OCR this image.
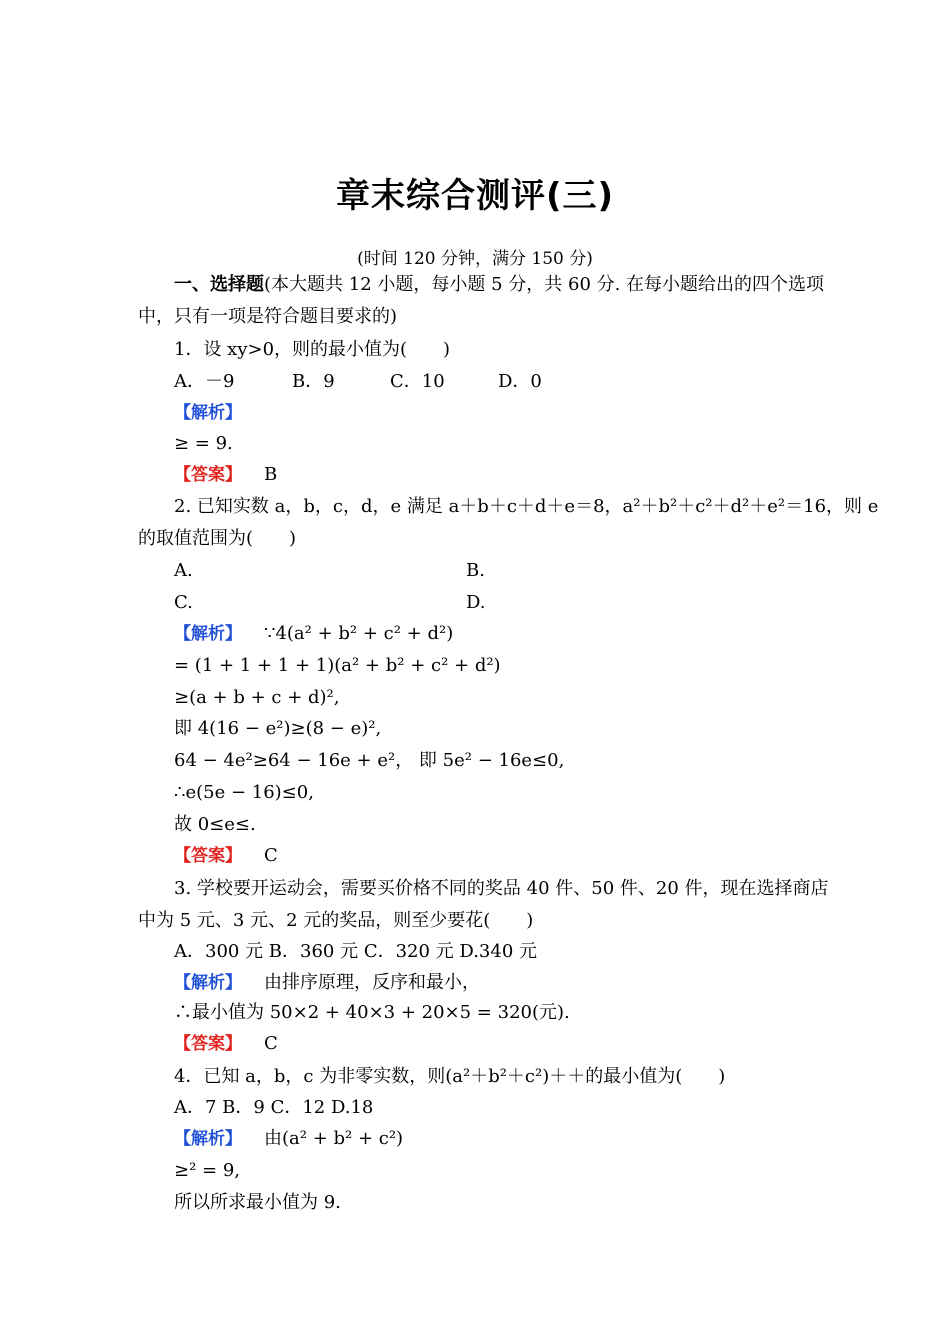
章末综合测评(三)
(时间 120 分钟，满分 150 分)
一、选择题(本大题共 12 小题，每小题 5 分，共 60 分. 在每小题给出的四个选项
中，只有一项是符合题目要求的)
1．设 xy>0，则的最小值为(　　)
A．－9	B．9	C．10	D．0
【解析】
≥ = 9.
【答案】 B
2. 已知实数 a，b，c，d，e 满足 a＋b＋c＋d＋e＝8，a²＋b²＋c²＋d²＋e²＝16，则 e
的取值范围为(　　)
A.	B.
C.	D.
【解析】 ∵4(a² + b² + c² + d²)
= (1 + 1 + 1 + 1)(a² + b² + c² + d²)
≥(a + b + c + d)²,
即 4(16 − e²)≥(8 − e)²,
64 − 4e²≥64 − 16e + e²， 即 5e² − 16e≤0,
∴e(5e − 16)≤0,
故 0≤e≤.
【答案】 C
3. 学校要开运动会，需要买价格不同的奖品 40 件、50 件、20 件，现在选择商店
中为 5 元、3 元、2 元的奖品，则至少要花(　　)
A．300 元 B．360 元 C．320 元 D.340 元
【解析】 由排序原理，反序和最小，
∴最小值为 50×2 + 40×3 + 20×5 = 320(元).
【答案】 C
4．已知 a，b，c 为非零实数，则(a²＋b²＋c²)＋＋的最小值为(　　)
A．7 B．9 C．12 D.18
【解析】 由(a² + b² + c²)
≥² = 9,
所以所求最小值为 9.
